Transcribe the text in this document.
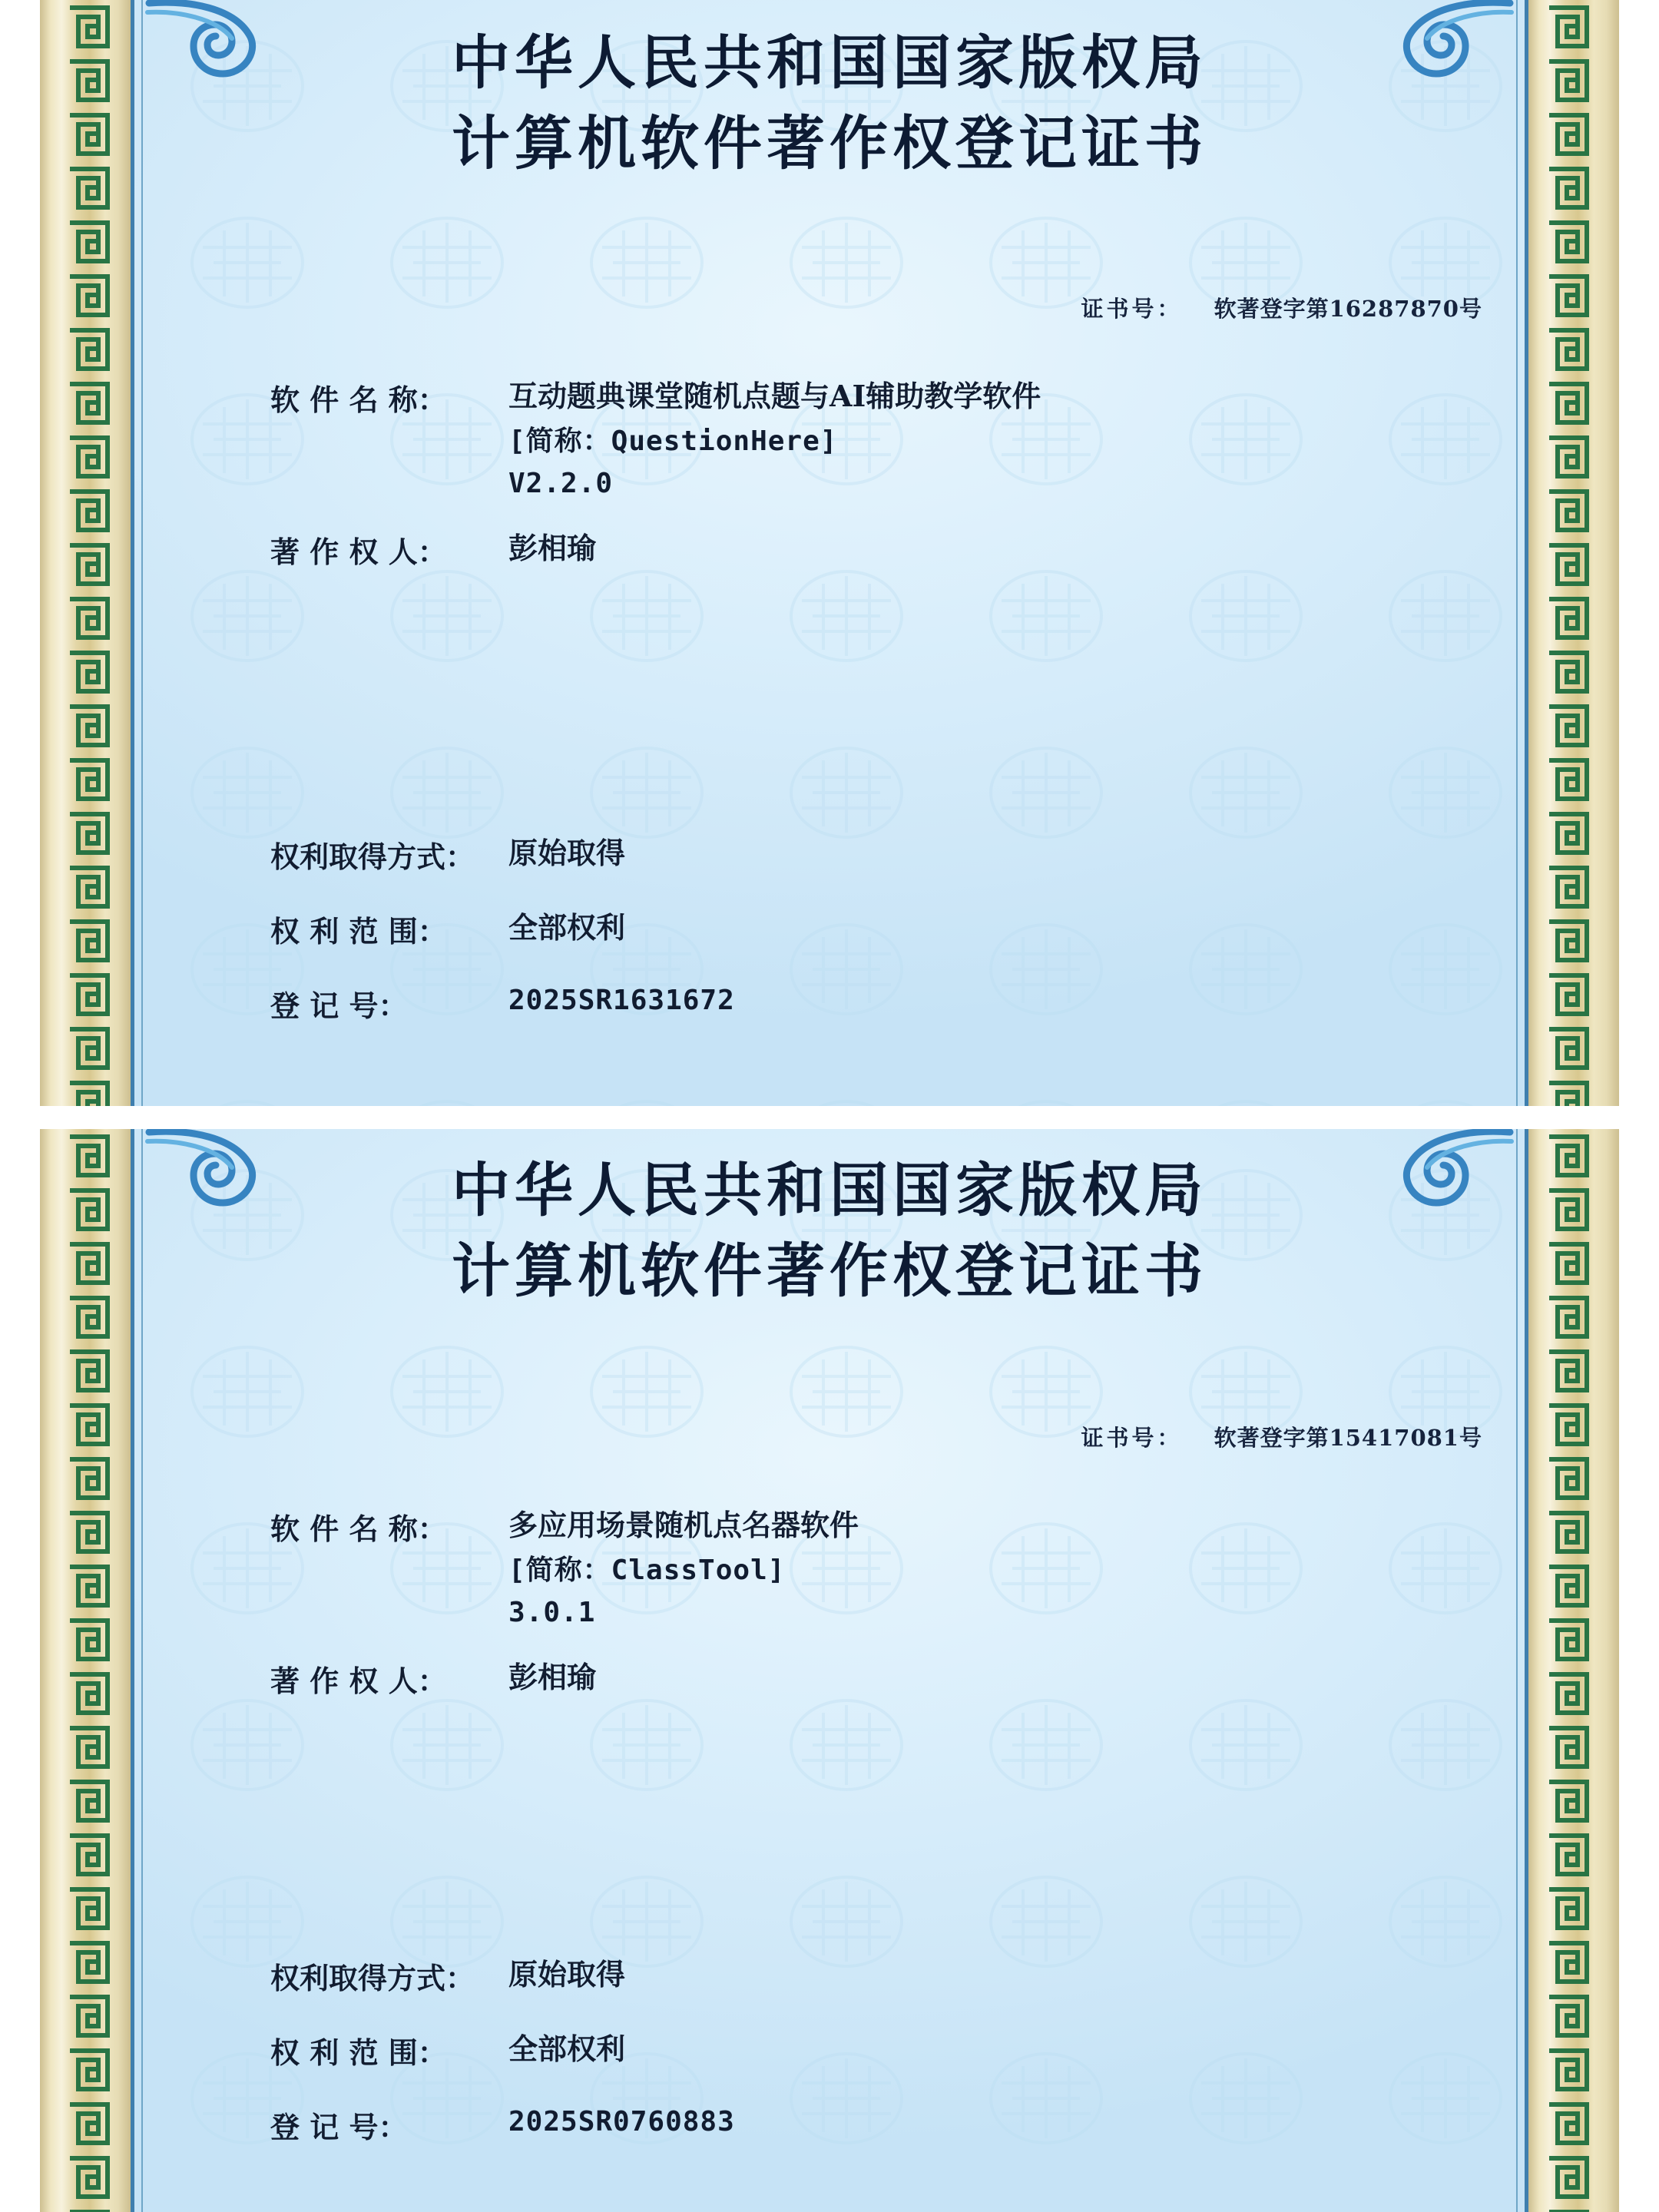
中华人民共和国国家版权局
计算机软件著作权登记证书
证书号： 软著登字第16287870号
软 件 名 称：	互动题典课堂随机点题与AI辅助教学软件
[简称：QuestionHere]
V2.2.0
著 作 权 人：	彭相瑜
权利取得方式：	原始取得
权 利 范 围：	全部权利
登 记 号：	2025SR1631672
中华人民共和国国家版权局
计算机软件著作权登记证书
证书号： 软著登字第15417081号
软 件 名 称：	多应用场景随机点名器软件
[简称：ClassTool]
3.0.1
著 作 权 人：	彭相瑜
权利取得方式：	原始取得
权 利 范 围：	全部权利
登 记 号：	2025SR0760883
